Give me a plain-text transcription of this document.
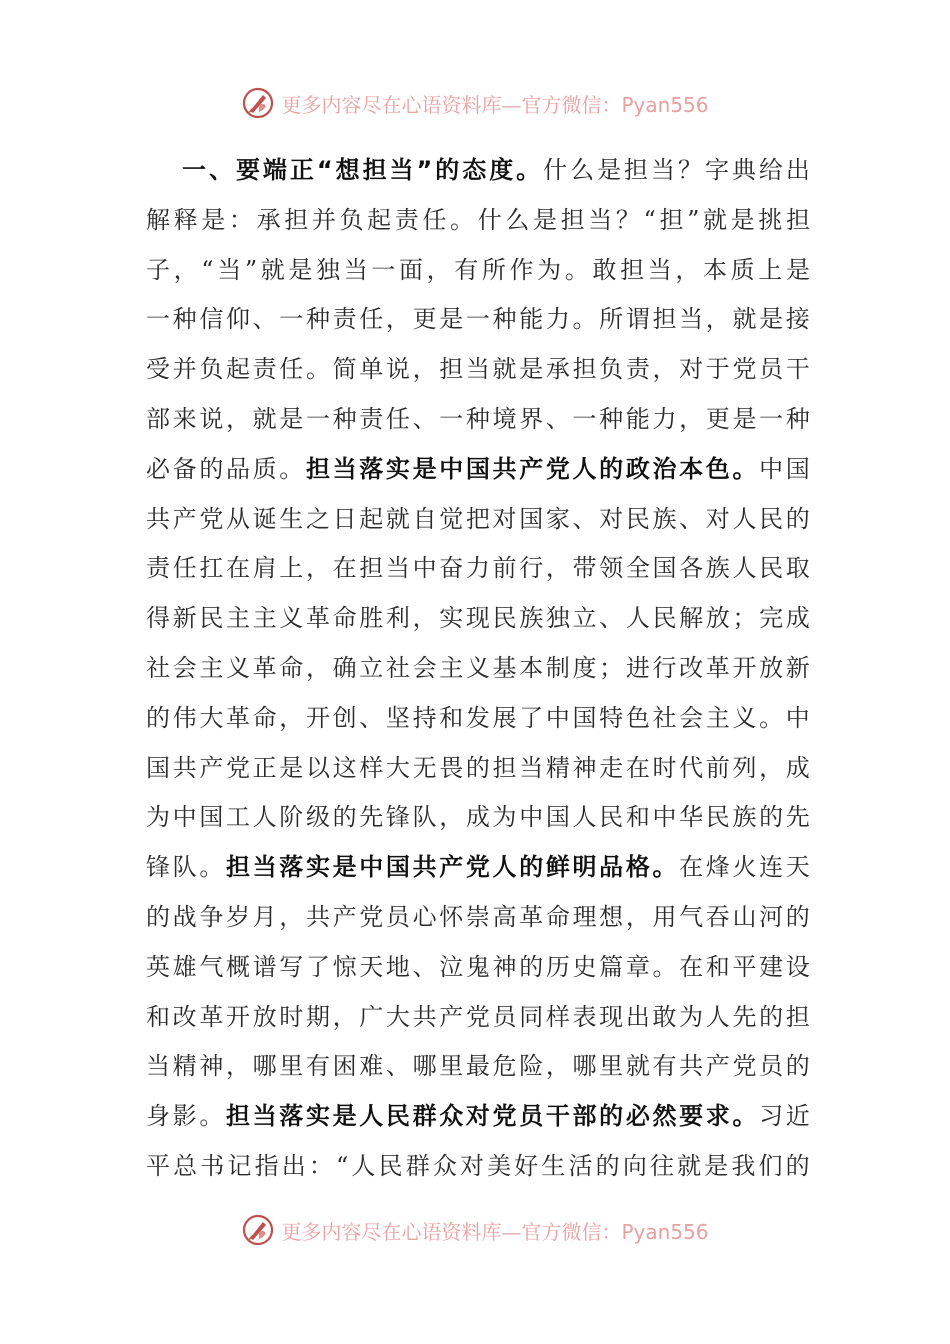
更多内容尽在心语资料库—官方微信：Pyan556
一 、 要 端 正 “ 想 担 当 ” 的 态 度 。 什 么 是 担 当 ？ 字 典 给 出
解 释 是 ： 承 担 并 负 起 责 任 。 什 么 是 担 当 ？ “ 担 ” 就 是 挑 担
子 ， “ 当 ” 就 是 独 当 一 面 ， 有 所 作 为 。 敢 担 当 ， 本 质 上 是
一 种 信 仰 、 一 种 责 任 ， 更 是 一 种 能 力 。 所 谓 担 当 ， 就 是 接
受 并 负 起 责 任 。 简 单 说 ， 担 当 就 是 承 担 负 责 ， 对 于 党 员 干
部 来 说 ， 就 是 一 种 责 任 、 一 种 境 界 、 一 种 能 力 ， 更 是 一 种
必 备 的 品 质 。 担 当 落 实 是 中 国 共 产 党 人 的 政 治 本 色 。 中 国
共 产 党 从 诞 生 之 日 起 就 自 觉 把 对 国 家 、 对 民 族 、 对 人 民 的
责 任 扛 在 肩 上 ， 在 担 当 中 奋 力 前 行 ， 带 领 全 国 各 族 人 民 取
得 新 民 主 主 义 革 命 胜 利 ， 实 现 民 族 独 立 、 人 民 解 放 ； 完 成
社 会 主 义 革 命 ， 确 立 社 会 主 义 基 本 制 度 ； 进 行 改 革 开 放 新
的 伟 大 革 命 ， 开 创 、 坚 持 和 发 展 了 中 国 特 色 社 会 主 义 。 中
国 共 产 党 正 是 以 这 样 大 无 畏 的 担 当 精 神 走 在 时 代 前 列 ， 成
为 中 国 工 人 阶 级 的 先 锋 队 ， 成 为 中 国 人 民 和 中 华 民 族 的 先
锋 队 。 担 当 落 实 是 中 国 共 产 党 人 的 鲜 明 品 格 。 在 烽 火 连 天
的 战 争 岁 月 ， 共 产 党 员 心 怀 崇 高 革 命 理 想 ， 用 气 吞 山 河 的
英 雄 气 概 谱 写 了 惊 天 地 、 泣 鬼 神 的 历 史 篇 章 。 在 和 平 建 设
和 改 革 开 放 时 期 ， 广 大 共 产 党 员 同 样 表 现 出 敢 为 人 先 的 担
当 精 神 ， 哪 里 有 困 难 、 哪 里 最 危 险 ， 哪 里 就 有 共 产 党 员 的
身 影 。 担 当 落 实 是 人 民 群 众 对 党 员 干 部 的 必 然 要 求 。 习 近
平 总 书 记 指 出 ： “ 人 民 群 众 对 美 好 生 活 的 向 往 就 是 我 们 的
更多内容尽在心语资料库—官方微信：Pyan556
